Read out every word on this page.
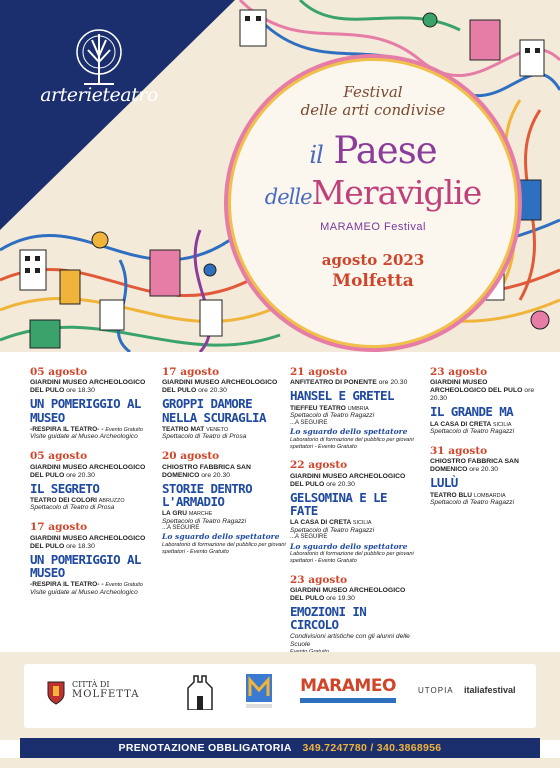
arterieteatro	Festival
delle arti condivise
il Paese
delleMeraviglie
MARAMEO Festival
agosto 2023
Molfetta
05 agosto
GIARDINI MUSEO ARCHEOLOGICO DEL PULO ore 18.30
UN POMERIGGIO AL MUSEO
-RESPIRA IL TEATRO- - Evento Gratuito
Visite guidate al Museo Archeologico
05 agosto
GIARDINI MUSEO ARCHEOLOGICO DEL PULO ore 20.30
IL SEGRETO
TEATRO DEI COLORI ABRUZZO
Spettacolo di Teatro di Prosa
17 agosto
GIARDINI MUSEO ARCHEOLOGICO DEL PULO ore 18.30
UN POMERIGGIO AL MUSEO
-RESPIRA IL TEATRO- - Evento Gratuito
Visite guidate al Museo Archeologico
17 agosto
GIARDINI MUSEO ARCHEOLOGICO DEL PULO ore 20.30
GROPPI DAMORE NELLA SCURAGLIA
TEATRO MAT VENETO
Spettacolo di Teatro di Prosa
20 agosto
CHIOSTRO FABBRICA SAN DOMENICO ore 20.30
STORIE DENTRO L'ARMADIO
LA GRU MARCHE
Spettacolo di Teatro Ragazzi
...A SEGUIRE
Lo sguardo dello spettatore
Laboratorio di formazione del pubblico per giovani spettatori - Evento Gratuito
21 agosto
ANFITEATRO DI PONENTE ore 20.30
HANSEL E GRETEL
TIEFFEU TEATRO UMBRIA
Spettacolo di Teatro Ragazzi
...A SEGUIRE
Lo sguardo dello spettatore
Laboratorio di formazione del pubblico per giovani spettatori - Evento Gratuito
22 agosto
GIARDINI MUSEO ARCHEOLOGICO DEL PULO ore 20.30
GELSOMINA E LE FATE
LA CASA DI CRETA SICILIA
Spettacolo di Teatro Ragazzi
...A SEGUIRE
Lo sguardo dello spettatore
Laboratorio di formazione del pubblico per giovani spettatori - Evento Gratuito
23 agosto
GIARDINI MUSEO ARCHEOLOGICO DEL PULO ore 19.30
EMOZIONI IN CIRCOLO
Condivisioni artistiche con gli alunni delle Scuole
23 agosto
GIARDINI MUSEO ARCHEOLOGICO DEL PULO ore 20.30
IL GRANDE MA
LA CASA DI CRETA SICILIA
Spettacolo di Teatro Ragazzi
31 agosto
CHIOSTRO FABBRICA SAN DOMENICO ore 20.30
LULÙ
TEATRO BLU LOMBARDIA
Spettacolo di Teatro Ragazzi
CITTÀ DI
MOLFETTA	MARAMEO	UTOPIA italiafestival
PRENOTAZIONE OBBLIGATORIA 349.7247780 / 340.3868956
